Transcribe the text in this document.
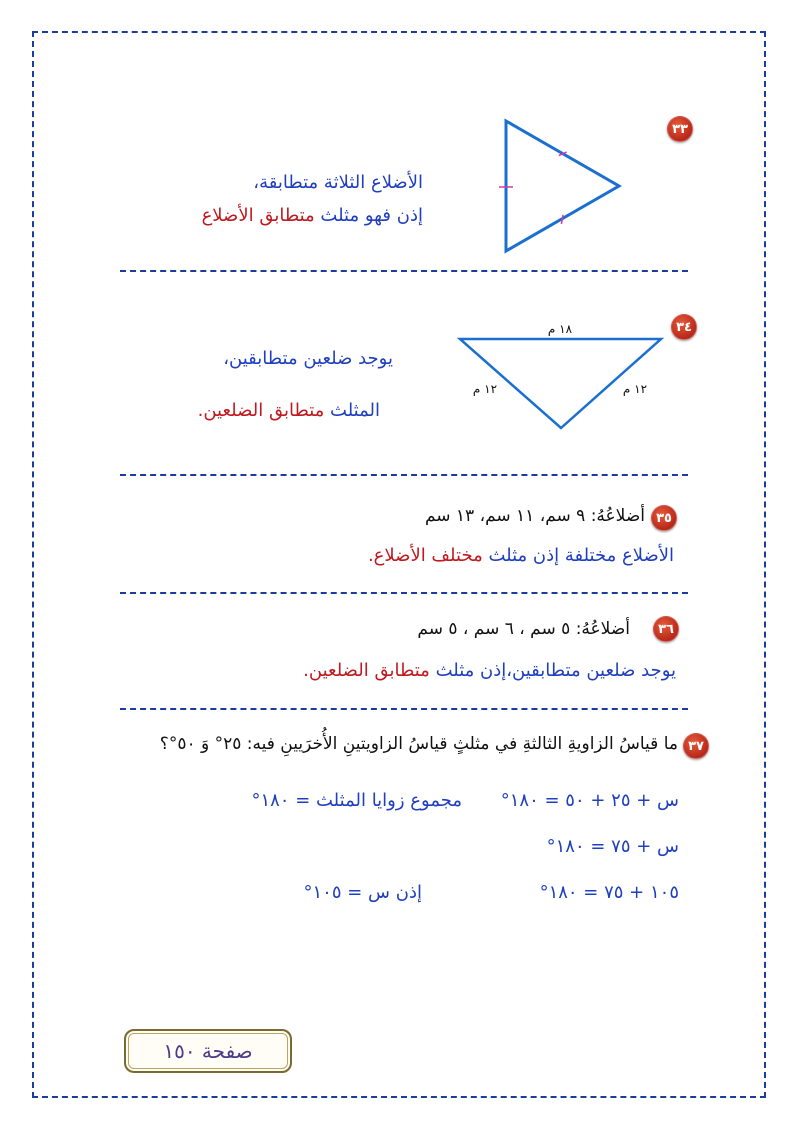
٣٣
الأضلاع الثلاثة متطابقة،
إذن فهو مثلث متطابق الأضلاع
٣٤
١٨ م
١٢ م	١٢ م
يوجد ضلعين متطابقين،
المثلث متطابق الضلعين.
٣٥
أضلاعُهُ: ٩ سم، ١١ سم، ١٣ سم
الأضلاع مختلفة إذن مثلث مختلف الأضلاع.
٣٦
أضلاعُهُ: ٥ سم ، ٦ سم ، ٥ سم
يوجد ضلعين متطابقين،إذن مثلث متطابق الضلعين.
٣٧
ما قياسُ الزاويةِ الثالثةِ في مثلثٍ قياسُ الزاويتينِ الأُخرَيينِ فيه: ٢٥° وَ ٥٠°؟
مجموع زوايا المثلث = ١٨٠° س + ٢٥ + ٥٠ = ١٨٠°
س + ٧٥ = ١٨٠°
١٠٥ + ٧٥ = ١٨٠°
إذن س = ١٠٥°
صفحة ١٥٠
